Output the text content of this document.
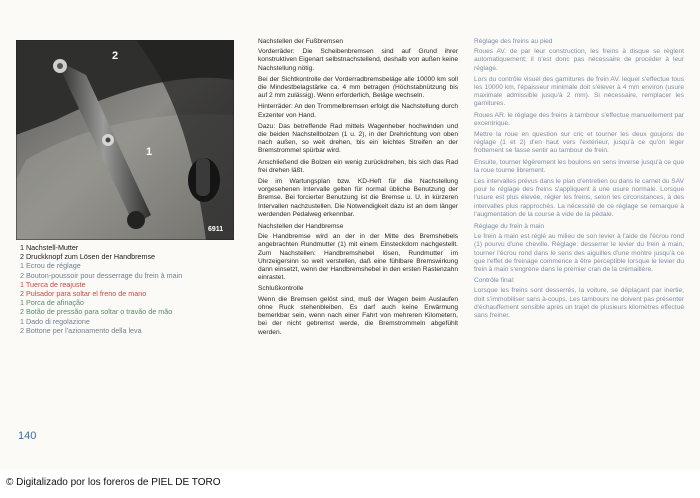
2
1
6911
1 Nachstell-Mutter
2 Druckknopf zum Lösen der Handbremse
1 Ecrou de réglage
2 Bouton-poussoir pour desserrage du frein à main
1 Tuerca de reajuste
2 Pulsador para soltar el freno de mano
1 Porca de afinação
2 Botão de pressão para soltar o travão de mão
1 Dado di regolazione
2 Bottone per l'azionamento della leva
Nachstellen der Fußbremsen
Vorderräder: Die Scheibenbremsen sind auf Grund ihrer konstruktiven Eigenart selbstnachstellend, deshalb von außen keine Nachstellung nötig.
Bei der Sichtkontrolle der Vorderradbremsbeläge alle 10000 km soll die Mindestbelagstärke ca. 4 mm betragen (Höchstabnützung bis auf 2 mm zulässig). Wenn erforderlich, Beläge wechseln.
Hinterräder: An den Trommelbremsen erfolgt die Nachstellung durch Exzenter von Hand.
Dazu: Das betreffende Rad mittels Wagenheber hochwinden und die beiden Nachstellbolzen (1 u. 2), in der Drehrichtung von oben nach außen, so weit drehen, bis ein leichtes Streifen an der Bremstrommel spürbar wird.
Anschließend die Bolzen ein wenig zurückdrehen, bis sich das Rad frei drehen läßt.
Die im Wartungsplan bzw. KD-Heft für die Nachstellung vorgesehenen Intervalle gelten für normal übliche Benutzung der Bremse. Bei forcierter Benutzung ist die Bremse u. U. in kürzeren Intervallen nachzustellen. Die Notwendigkeit dazu ist an dem länger werdenden Pedalweg erkennbar.
Nachstellen der Handbremse
Die Handbremse wird an der in der Mitte des Bremshebels angebrachten Rundmutter (1) mit einem Einsteckdorn nachgestellt. Zum Nachstellen: Handbremshebel lösen, Rundmutter im Uhrzeigersinn so weit verstellen, daß eine fühlbare Bremswirkung dann einsetzt, wenn der Handbremshebel in den ersten Rastenzahn einrastet.
Schlußkontrolle
Wenn die Bremsen gelöst sind, muß der Wagen beim Auslaufen ohne Ruck stehenbleiben. Es darf auch keine Erwärmung bemerkbar sein, wenn nach einer Fahrt von mehreren Kilometern, bei der nicht gebremst werde, die Bremstrommeln abgefühlt werden.
Réglage des freins au pied
Roues AV. de par leur construction, les freins à disque se règlent automatiquement; il n'est donc pas nécessaire de procéder à leur réglage.
Lors du contrôle visuel des garnitures de frein AV. lequel s'effectue tous les 10000 km, l'épaisseur minimale doit s'élever à 4 mm environ (usure maximale admissible jusqu'à 2 mm). Si nécessaire, remplacer les garnitures.
Roues AR. le réglage des freins à tambour s'effectue manuellement par excentrique.
Mettre la roue en question sur cric et tourner les deux goujons de réglage (1 et 2) d'en haut vers l'extérieur, jusqu'à ce qu'on léger frottement se fasse sentir au tambour de frein.
Ensuite, tourner légèrement les boulons en sens inverse jusqu'à ce que la roue tourne librement.
Les intervalles prévus dans le plan d'entretien ou dans le carnet du SAV pour le réglage des freins s'appliquent à une usure normale. Lorsque l'usure est plus élevée, régler les freins, selon les circonstances, à des intervalles plus rapprochés. La nécessité de ce réglage se remarque à l'augmentation de la course à vide de la pédale.
Réglage du frein à main
Le frein à main est réglé au milieu de son levier à l'aide de l'écrou rond (1) pourvu d'une cheville. Réglage: desserrer le levier du frein à main, tourner l'écrou rond dans le sens des aiguilles d'une montre jusqu'à ce que l'effet de freinage commence à être perceptible lorsque le levier du frein à main s'engrène dans le premier cran de la crémaillère.
Contrôle final:
Lorsque les freins sont desserrés, la voiture, se déplaçant par inertie, doit s'immobiliser sans à-coups. Les tambours ne doivent pas présenter d'échauffement sensible après un trajet de plusieurs kilomètres effectué sans freiner.
140
© Digitalizado por los foreros de PIEL DE TORO
